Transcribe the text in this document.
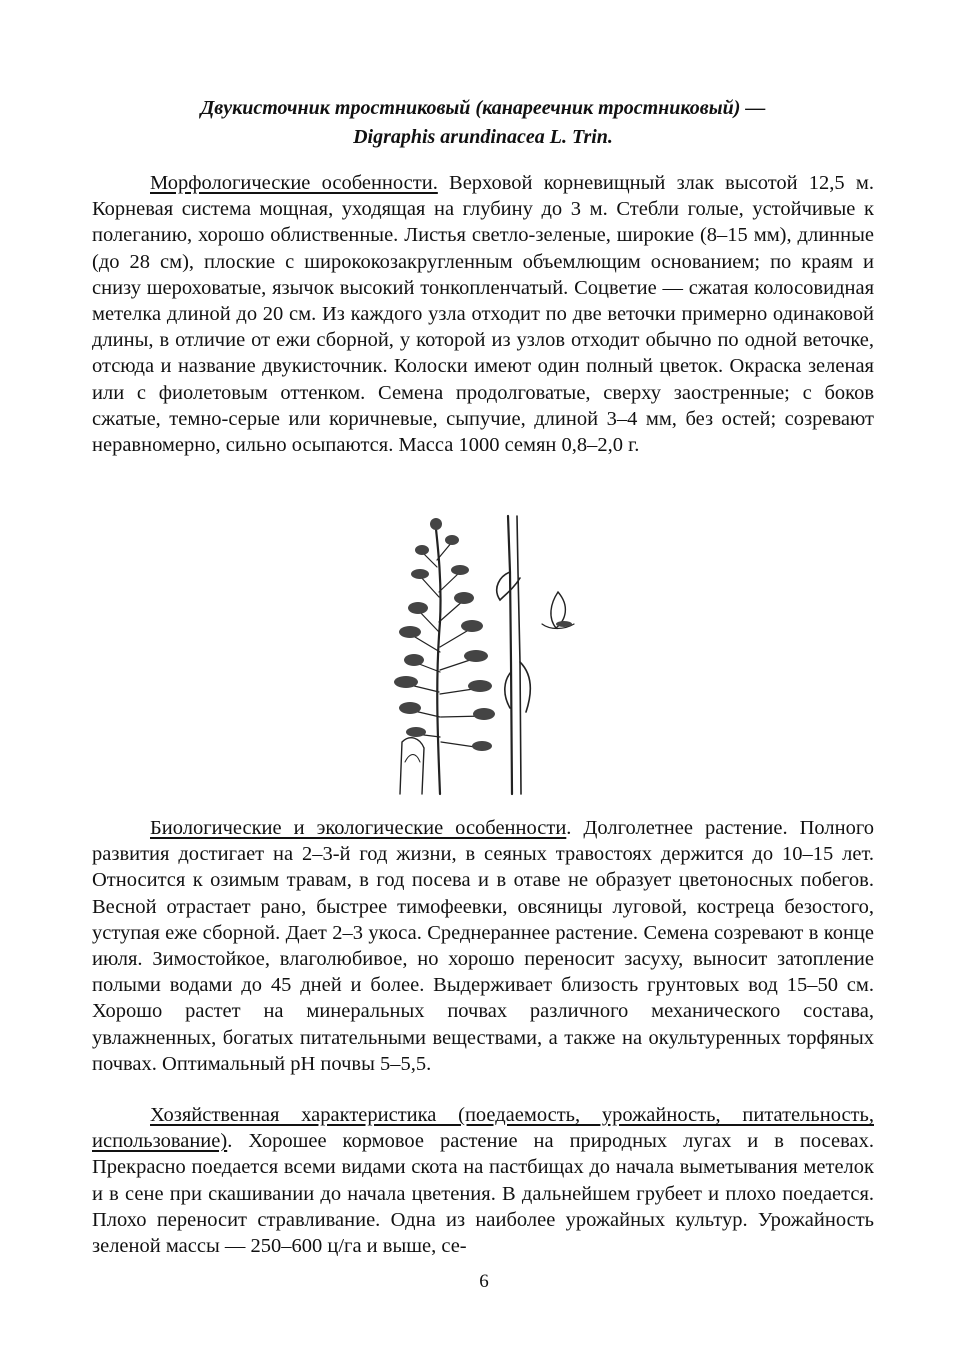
Двукисточник тростниковый (канареечник тростниковый) —
Digraphis arundinacea L. Trin.

Морфологические особенности. Верховой корневищный злак высотой 12,5 м. Корневая система мощная, уходящая на глубину до 3 м. Стебли голые, устойчивые к полеганию, хорошо облиственные. Листья светло-зеленые, широкие (8–15 мм), длинные (до 28 см), плоские с ширококозакругленным объемлющим основанием; по краям и снизу шероховатые, язычок высокий тонкопленчатый. Соцветие — сжатая колосовидная метелка длиной до 20 см. Из каждого узла отходит по две веточки примерно одинаковой длины, в отличие от ежи сборной, у которой из узлов отходит обычно по одной веточке, отсюда и название двукисточник. Колоски имеют один полный цветок. Окраска зеленая или с фиолетовым оттенком. Семена продолговатые, сверху заостренные; с боков сжатые, темно-серые или коричневые, сыпучие, длиной 3–4 мм, без остей; созревают неравномерно, сильно осыпаются. Масса 1000 семян 0,8–2,0 г.

Биологические и экологические особенности. Долголетнее растение. Полного развития достигает на 2–3-й год жизни, в сеяных травостоях держится до 10–15 лет. Относится к озимым травам, в год посева и в отаве не образует цветоносных побегов. Весной отрастает рано, быстрее тимофеевки, овсяницы луговой, костреца безостого, уступая еже сборной. Дает 2–3 укоса. Среднераннее растение. Семена созревают в конце июля. Зимостойкое, влаголюбивое, но хорошо переносит засуху, выносит затопление полыми водами до 45 дней и более. Выдерживает близость грунтовых вод 15–50 см. Хорошо растет на минеральных почвах различного механического состава, увлажненных, богатых питательными веществами, а также на окультуренных торфяных почвах. Оптимальный pH почвы 5–5,5.

Хозяйственная характеристика (поедаемость, урожайность, питательность, использование). Хорошее кормовое растение на природных лугах и в посевах. Прекрасно поедается всеми видами скота на пастбищах до начала выметывания метелок и в сене при скашивании до начала цветения. В дальнейшем грубеет и плохо поедается. Плохо переносит стравливание. Одна из наиболее урожайных культур. Урожайность зеленой массы — 250–600 ц/га и выше, се-

6
